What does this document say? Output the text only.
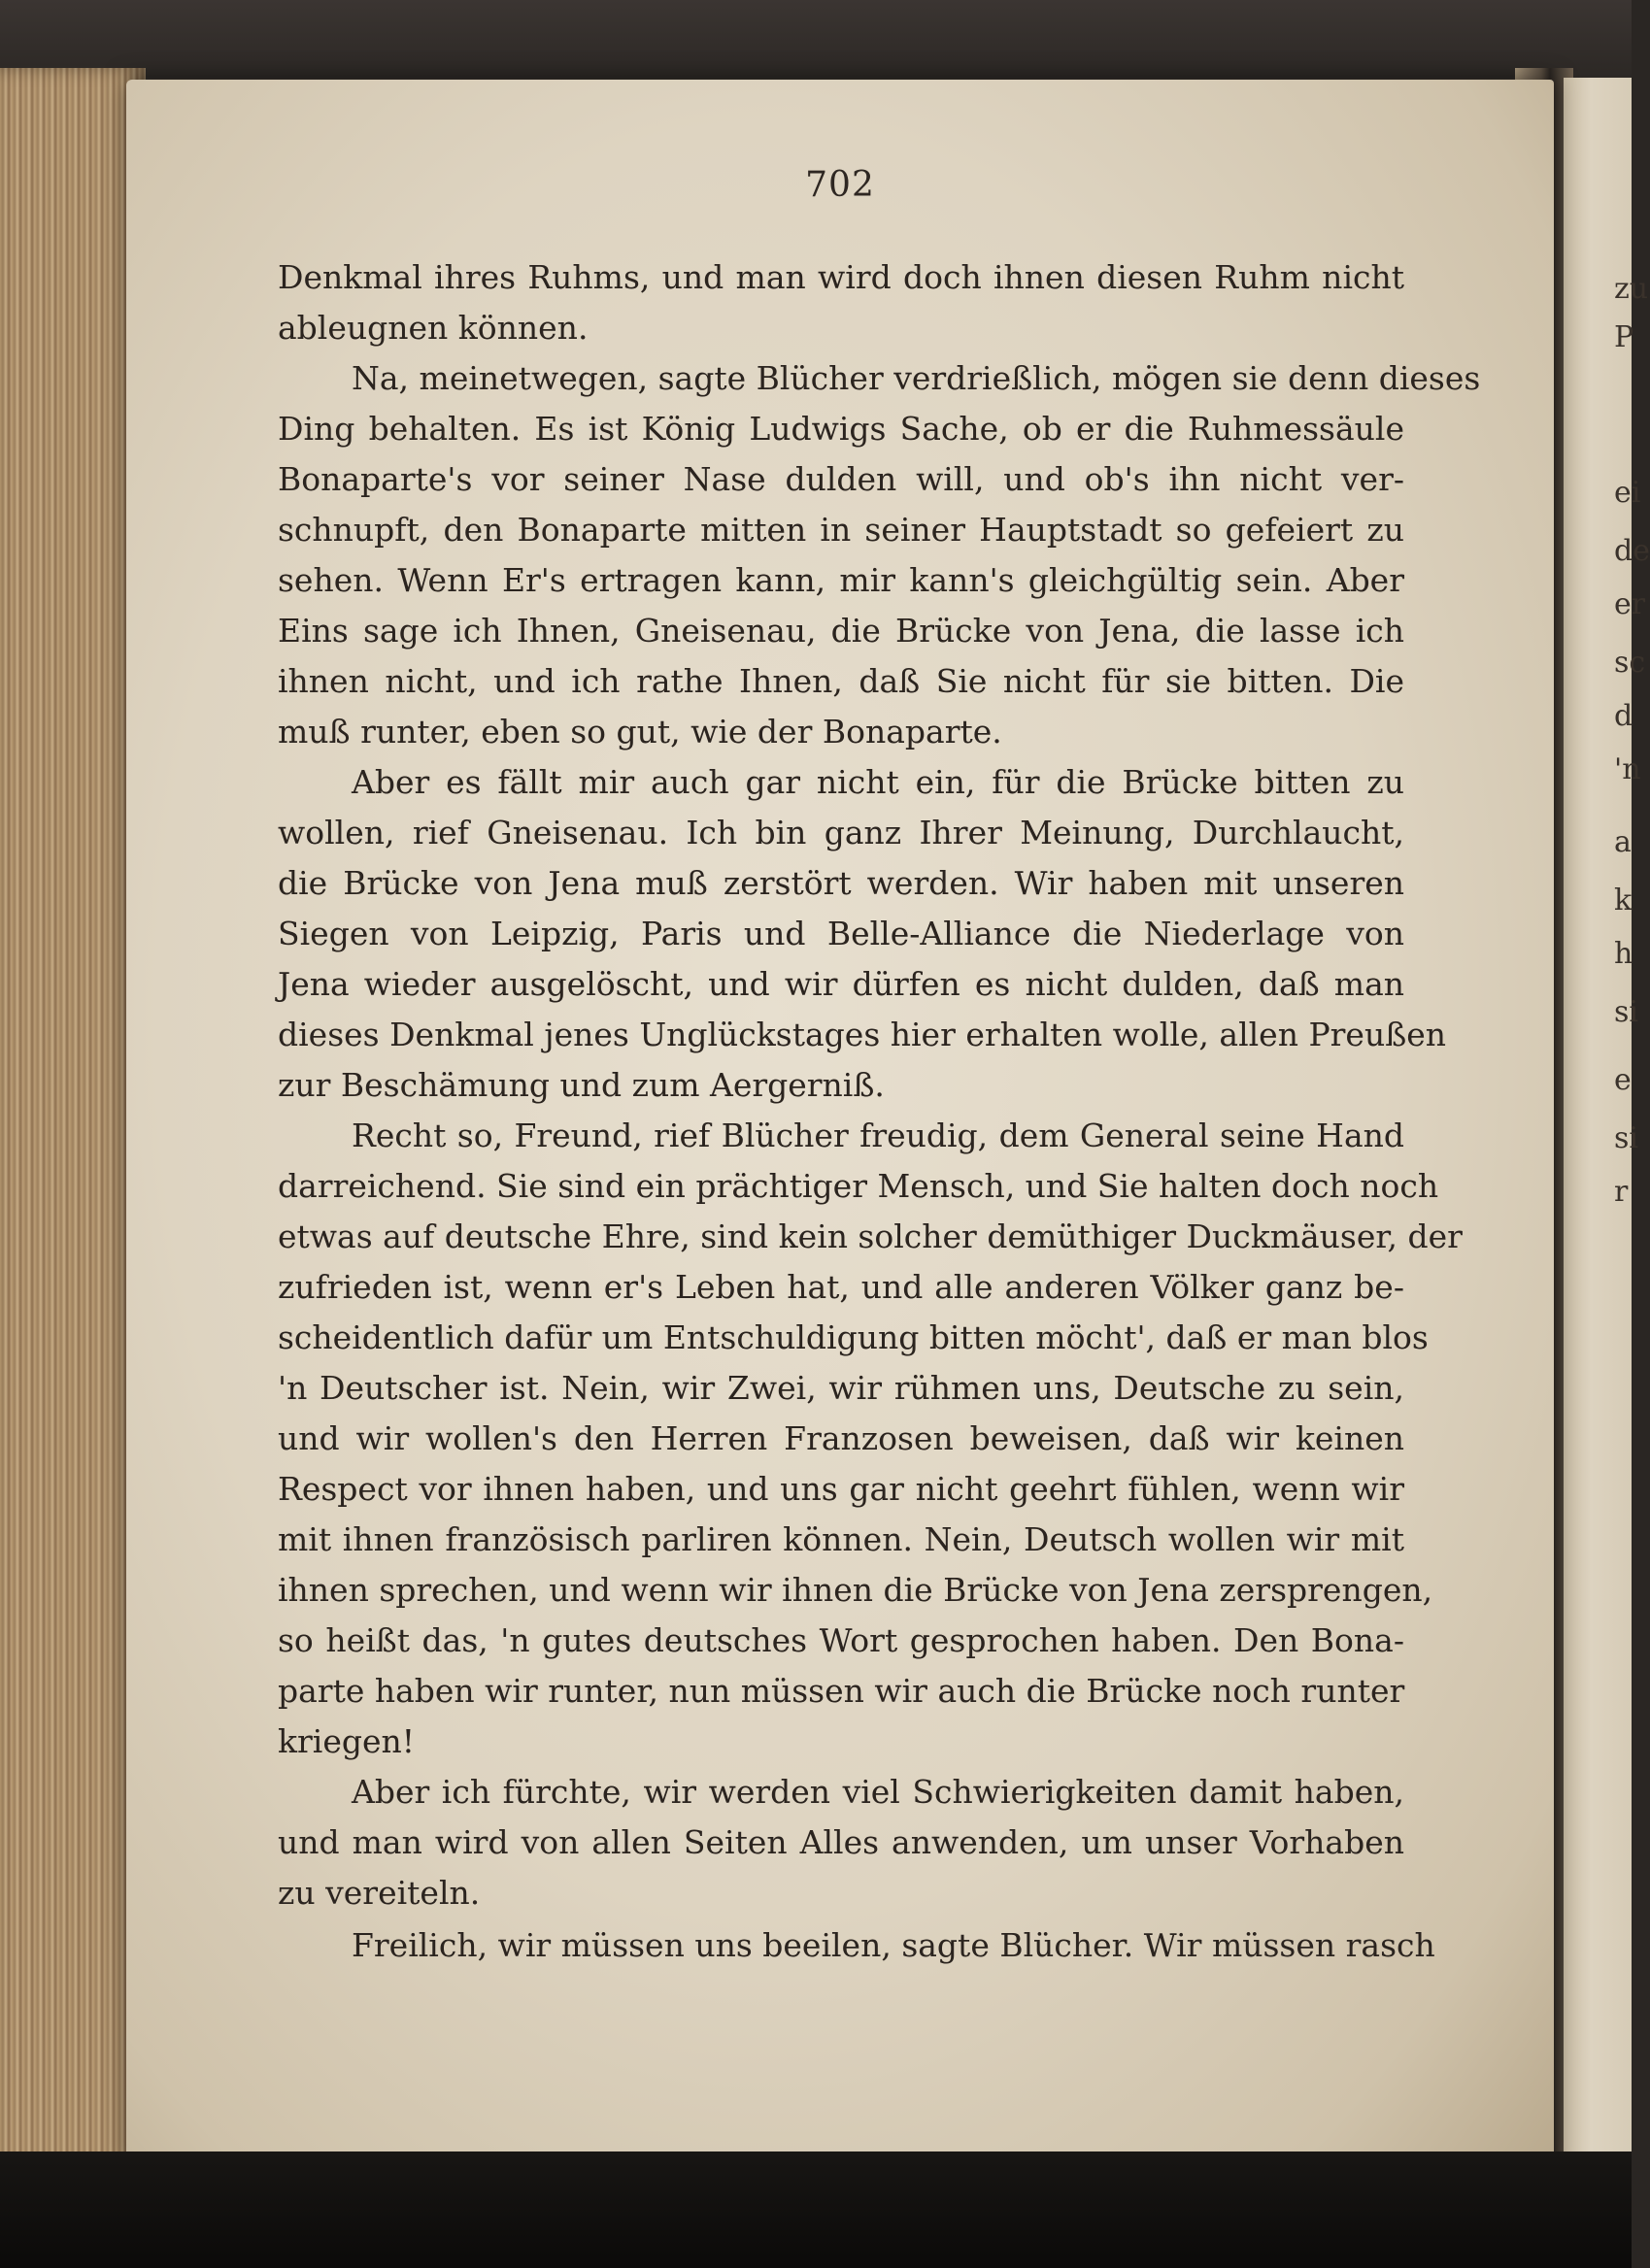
zu
P
ei
de
er
sc
d
'n
a
k
h
si
e
si
r
702
Denkmal ihres Ruhms, und man wird doch ihnen diesen Ruhm nicht
ableugnen können.
Na, meinetwegen, sagte Blücher verdrießlich, mögen sie denn dieses
Ding behalten. Es ist König Ludwigs Sache, ob er die Ruhmessäule
Bonaparte's vor seiner Nase dulden will, und ob's ihn nicht ver-
schnupft, den Bonaparte mitten in seiner Hauptstadt so gefeiert zu
sehen. Wenn Er's ertragen kann, mir kann's gleichgültig sein. Aber
Eins sage ich Ihnen, Gneisenau, die Brücke von Jena, die lasse ich
ihnen nicht, und ich rathe Ihnen, daß Sie nicht für sie bitten. Die
muß runter, eben so gut, wie der Bonaparte.
Aber es fällt mir auch gar nicht ein, für die Brücke bitten zu
wollen, rief Gneisenau. Ich bin ganz Ihrer Meinung, Durchlaucht,
die Brücke von Jena muß zerstört werden. Wir haben mit unseren
Siegen von Leipzig, Paris und Belle-Alliance die Niederlage von
Jena wieder ausgelöscht, und wir dürfen es nicht dulden, daß man
dieses Denkmal jenes Unglückstages hier erhalten wolle, allen Preußen
zur Beschämung und zum Aergerniß.
Recht so, Freund, rief Blücher freudig, dem General seine Hand
darreichend. Sie sind ein prächtiger Mensch, und Sie halten doch noch
etwas auf deutsche Ehre, sind kein solcher demüthiger Duckmäuser, der
zufrieden ist, wenn er's Leben hat, und alle anderen Völker ganz be-
scheidentlich dafür um Entschuldigung bitten möcht', daß er man blos
'n Deutscher ist. Nein, wir Zwei, wir rühmen uns, Deutsche zu sein,
und wir wollen's den Herren Franzosen beweisen, daß wir keinen
Respect vor ihnen haben, und uns gar nicht geehrt fühlen, wenn wir
mit ihnen französisch parliren können. Nein, Deutsch wollen wir mit
ihnen sprechen, und wenn wir ihnen die Brücke von Jena zersprengen,
so heißt das, 'n gutes deutsches Wort gesprochen haben. Den Bona-
parte haben wir runter, nun müssen wir auch die Brücke noch runter
kriegen!
Aber ich fürchte, wir werden viel Schwierigkeiten damit haben,
und man wird von allen Seiten Alles anwenden, um unser Vorhaben
zu vereiteln.
Freilich, wir müssen uns beeilen, sagte Blücher. Wir müssen rasch
